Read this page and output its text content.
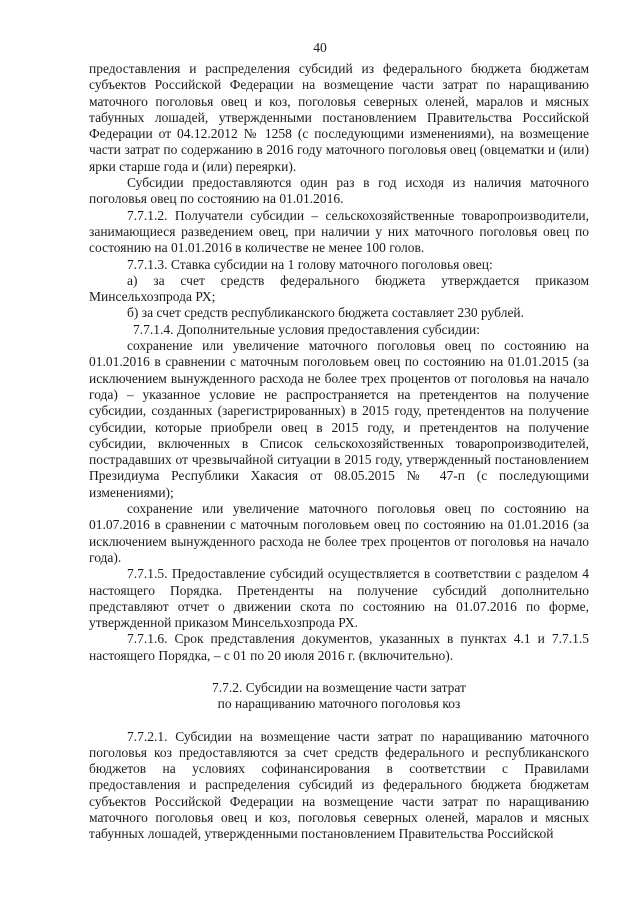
40

предоставления и распределения субсидий из федерального бюджета бюджетам субъектов Российской Федерации на возмещение части затрат по наращиванию маточного поголовья овец и коз, поголовья северных оленей, маралов и мясных табунных лошадей, утвержденными постановлением Правительства Российской Федерации от 04.12.2012 № 1258 (с последующими изменениями), на возмещение части затрат по содержанию в 2016 году маточного поголовья овец (овцематки и (или) ярки старше года и (или) переярки).

Субсидии предоставляются один раз в год исходя из наличия маточного поголовья овец по состоянию на 01.01.2016.

7.7.1.2. Получатели субсидии – сельскохозяйственные товаропроизводители, занимающиеся разведением овец, при наличии у них маточного поголовья овец по состоянию на 01.01.2016 в количестве не менее 100 голов.

7.7.1.3. Ставка субсидии на 1 голову маточного поголовья овец:

а) за счет средств федерального бюджета утверждается приказом Минсельхозпрода РХ;

б) за счет средств республиканского бюджета составляет 230 рублей.

7.7.1.4. Дополнительные условия предоставления субсидии:

сохранение или увеличение маточного поголовья овец по состоянию на 01.01.2016 в сравнении с маточным поголовьем овец по состоянию на 01.01.2015 (за исключением вынужденного расхода не более трех процентов от поголовья на начало года) – указанное условие не распространяется на претендентов на получение субсидии, созданных (зарегистрированных) в 2015 году, претендентов на получение субсидии, которые приобрели овец в 2015 году, и претендентов на получение субсидии, включенных в Список сельскохозяйственных товаропроизводителей, пострадавших от чрезвычайной ситуации в 2015 году, утвержденный постановлением Президиума Республики Хакасия от 08.05.2015 № 47-п (с последующими изменениями);

сохранение или увеличение маточного поголовья овец по состоянию на 01.07.2016 в сравнении с маточным поголовьем овец по состоянию на 01.01.2016 (за исключением вынужденного расхода не более трех процентов от поголовья на начало года).

7.7.1.5. Предоставление субсидий осуществляется в соответствии с разделом 4 настоящего Порядка. Претенденты на получение субсидий дополнительно представляют отчет о движении скота по состоянию на 01.07.2016 по форме, утвержденной приказом Минсельхозпрода РХ.

7.7.1.6. Срок представления документов, указанных в пунктах 4.1 и 7.7.1.5 настоящего Порядка, – с 01 по 20 июля 2016 г. (включительно).

7.7.2. Субсидии на возмещение части затрат
по наращиванию маточного поголовья коз

7.7.2.1. Субсидии на возмещение части затрат по наращиванию маточного поголовья коз предоставляются за счет средств федерального и республиканского бюджетов на условиях софинансирования в соответствии с Правилами предоставления и распределения субсидий из федерального бюджета бюджетам субъектов Российской Федерации на возмещение части затрат по наращиванию маточного поголовья овец и коз, поголовья северных оленей, маралов и мясных табунных лошадей, утвержденными постановлением Правительства Российской
